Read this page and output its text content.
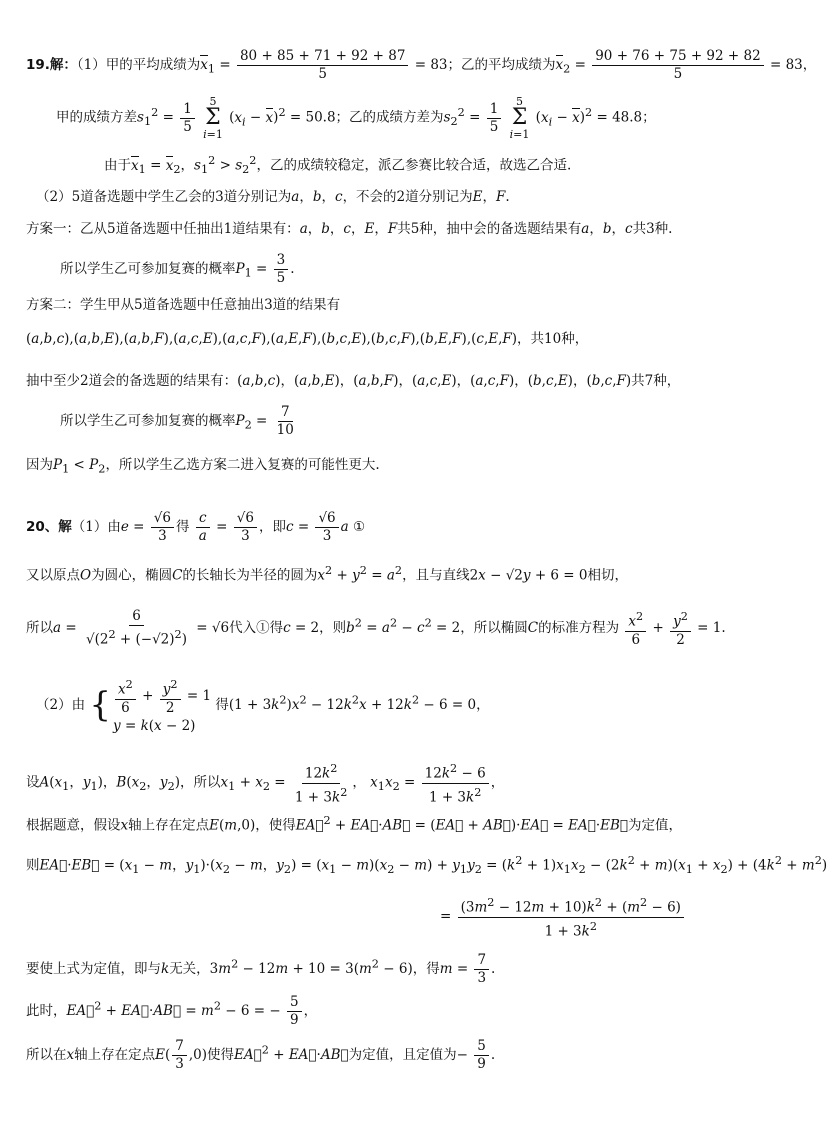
19.解：（1）甲的平均成绩为$x_1 = \frac{80 + 85 + 71 + 92 + 87}{5} = 83$；乙的平均成绩为$x_2 = \frac{90 + 76 + 75 + 92 + 82}{5} = 83$，
甲的成绩方差$s_1^2 = \frac{1}{5}$
5
Σ
i=1
$(x_i - x)^2 = 50.8$；乙的成绩方差为$s_2^2 = \frac{1}{5}$
5
Σ
i=1
$(x_i - x)^2 = 48.8$；
由于$x_1 = x_2$，$s_1^2 > s_2^2$，乙的成绩较稳定，派乙参赛比较合适，故选乙合适.
（2）5道备选题中学生乙会的3道分别记为a，b，c，不会的2道分别记为E，F.
方案一：乙从5道备选题中任抽出1道结果有：a，b，c，E，F共5种，抽中会的备选题结果有a，b，c共3种.
所以学生乙可参加复赛的概率$P_1 = \frac{3}{5}$ .
方案二：学生甲从5道备选题中任意抽出3道的结果有
(a,b,c),(a,b,E),(a,b,F),(a,c,E),(a,c,F),(a,E,F),(b,c,E),(b,c,F),(b,E,F),(c,E,F)，共10种，
抽中至少2道会的备选题的结果有：(a,b,c)，(a,b,E)，(a,b,F)，(a,c,E)，(a,c,F)，(b,c,E)，(b,c,F)共7种，
所以学生乙可参加复赛的概率$P_2 = \frac{7}{10}$
因为$P_1 < P_2$，所以学生乙选方案二进入复赛的可能性更大.
20、解（1）由$e = \frac{√6}{3}$ 得 $\frac{c}{a} = \frac{√6}{3}$ ，即$c = \frac{√6}{3}$ a ①
又以原点O为圆心，椭圆C的长轴长为半径的圆为$x^2 + y^2 = a^2$，且与直线2x − √2y + 6 = 0相切，
所以$a = \frac{6}{√(2^2 + (-√2)^2)} = √6$代入①得c = 2，则$b^2 = a^2 - c^2 = 2$，所以椭圆C的标准方程为 $\frac{x^2}{6} + \frac{y^2}{2} = 1$.
（2）由 { $\frac{x^2}{6} + \frac{y^2}{2} = 1$
y = k(x − 2)
得$(1 + 3k^2)x^2 - 12k^2x + 12k^2 - 6 = 0$，
设$A(x_1$，$y_1$)，$B(x_2$，$y_2$)，所以$x_1 + x_2 = \frac{12k^2}{1 + 3k^2}$ ， $x_1x_2 = \frac{12k^2 - 6}{1 + 3k^2}$ ，
根据题意，假设x轴上存在定点E(m,0)，使得EA⃗$^2$ + EA⃗·AB⃗ = (EA⃗ + AB⃗)·EA⃗ = EA⃗·EB⃗为定值，
则EA⃗·EB⃗ = ($x_1 - m$，$y_1)\cdot(x_2 - m$，$y_2) = (x_1 - m)(x_2 - m) + y_1y_2 = (k^2 + 1)x_1x_2 - (2k^2 + m)(x_1 + x_2) + (4k^2 + m^2)$
= $\frac{(3m^2 - 12m + 10)k^2 + (m^2 - 6)}{1 + 3k^2}$
要使上式为定值，即与k无关，$3m^2 - 12m + 10 = 3(m^2 - 6)$，得$m = \frac{7}{3}$ .
此时，EA⃗$^2$ + EA⃗·AB⃗ = $m^2 - 6$ = − $\frac{5}{9}$ ，
所以在x轴上存在定点$E( \frac{7}{3} ,0)$使得EA⃗$^2$ + EA⃗·AB⃗为定值，且定值为− $\frac{5}{9}$ .
